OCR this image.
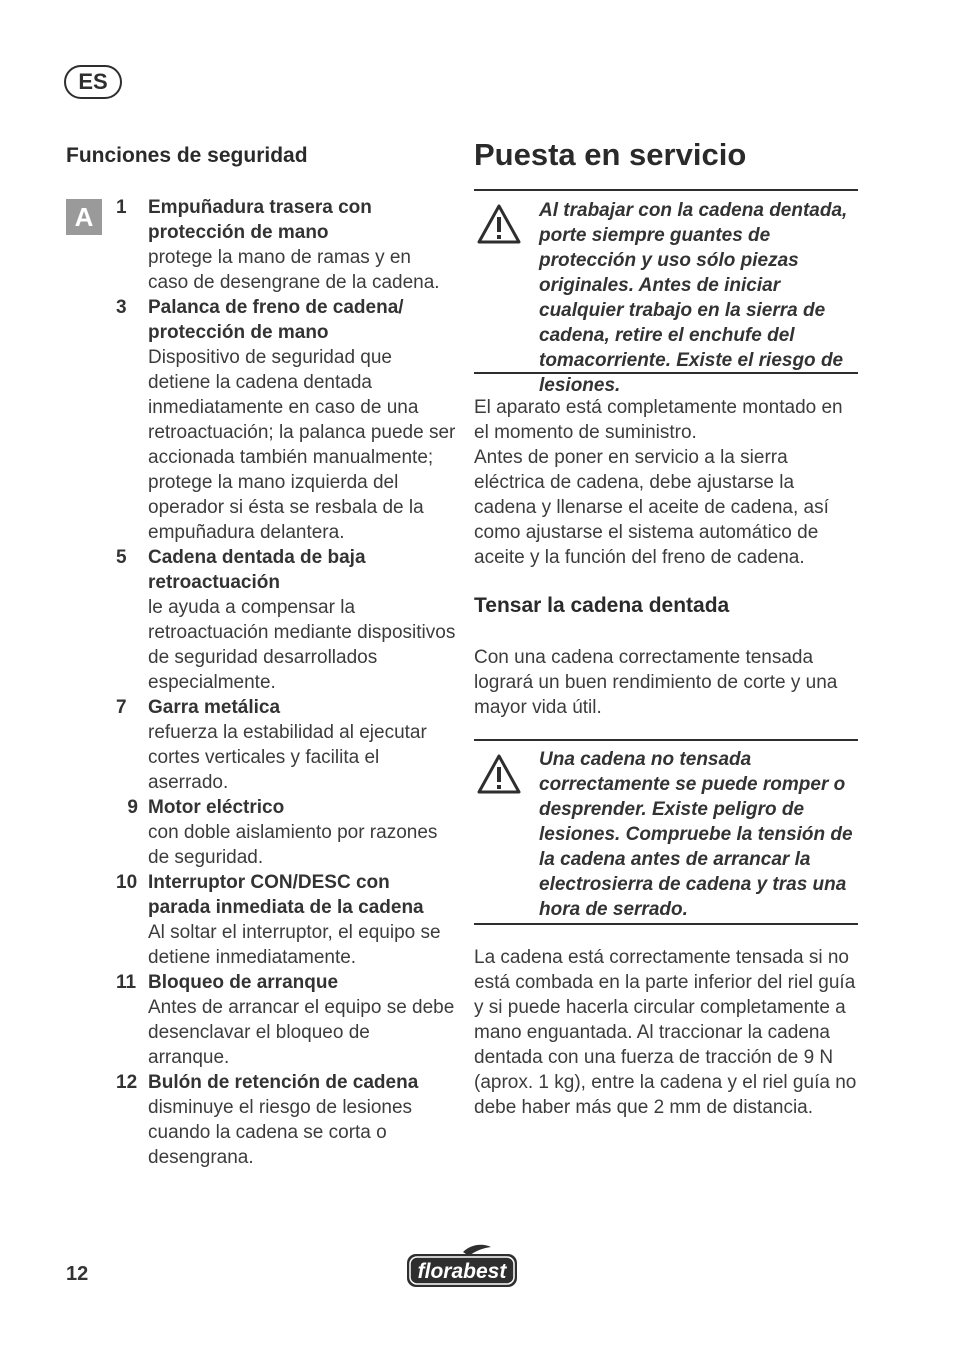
ES
Funciones de seguridad
A	1	Empuñadura trasera con protección de mano
protege la mano de ramas y en caso de desengrane de la cadena.
3	Palanca de freno de cadena/ protección de mano
Dispositivo de seguridad que detiene la cadena dentada inmediatamente en caso de una retroactuación; la palanca puede ser accionada también manualmente; protege la mano izquierda del operador si ésta se resbala de la empuñadura delantera.
5	Cadena dentada de baja retroactuación
le ayuda a compensar la retroactuación mediante dispositivos de seguridad desarrollados especialmente.
7	Garra metálica
refuerza la estabilidad al ejecutar cortes verticales y facilita el aserrado.
9 Motor eléctrico
con doble aislamiento por razones de seguridad.
10 Interruptor CON/DESC con parada inmediata de la cadena
Al soltar el interruptor, el equipo se detiene inmediatamente.
11 Bloqueo de arranque
Antes de arrancar el equipo se debe desenclavar el bloqueo de arranque.
12 Bulón de retención de cadena
disminuye el riesgo de lesiones cuando la cadena se corta o desengrana.
Puesta en servicio
Al trabajar con la cadena dentada, porte siempre guantes de protección y uso sólo piezas originales. Antes de iniciar cualquier trabajo en la sierra de cadena, retire el enchufe del tomacorriente. Existe el riesgo de lesiones.

El aparato está completamente montado en el momento de suministro.

Antes de poner en servicio a la sierra eléctrica de cadena, debe ajustarse la cadena y llenarse el aceite de cadena, así como ajustarse el sistema automático de aceite y la función del freno de cadena.

Tensar la cadena dentada

Con una cadena correctamente tensada logrará un buen rendimiento de corte y una mayor vida útil.

Una cadena no tensada correctamente se puede romper o desprender. Existe peligro de lesiones. Compruebe la tensión de la cadena antes de arrancar la electrosierra de cadena y tras una hora de serrado.

La cadena está correctamente tensada si no está combada en la parte inferior del riel guía y si puede hacerla circular completamente a mano enguantada. Al traccionar la cadena dentada con una fuerza de tracción de 9 N (aprox. 1 kg), entre la cadena y el riel guía no debe haber más que 2 mm de distancia.

12	florabest
